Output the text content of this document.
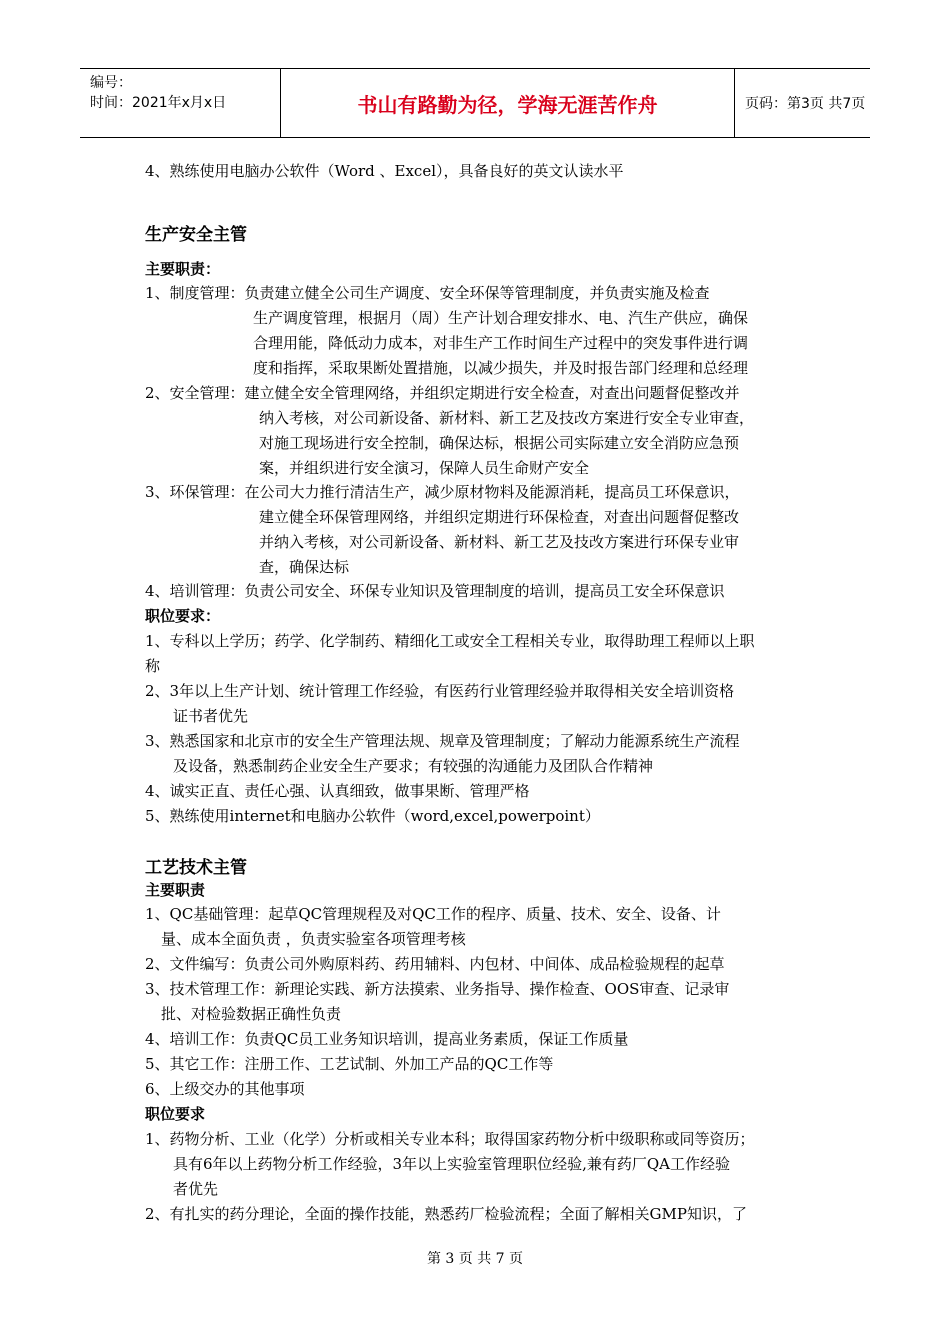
编号：
时间：2021年x月x日	书山有路勤为径，学海无涯苦作舟	页码：第3页 共7页
4、熟练使用电脑办公软件（Word 、Excel），具备良好的英文认读水平
生产安全主管
主要职责：
1、制度管理：负责建立健全公司生产调度、安全环保等管理制度，并负责实施及检查
生产调度管理，根据月（周）生产计划合理安排水、电、汽生产供应，确保
合理用能，降低动力成本，对非生产工作时间生产过程中的突发事件进行调
度和指挥，采取果断处置措施，以减少损失，并及时报告部门经理和总经理
2、安全管理：建立健全安全管理网络，并组织定期进行安全检查，对查出问题督促整改并
纳入考核，对公司新设备、新材料、新工艺及技改方案进行安全专业审查，
对施工现场进行安全控制，确保达标，根据公司实际建立安全消防应急预
案，并组织进行安全演习，保障人员生命财产安全
3、环保管理：在公司大力推行清洁生产，减少原材物料及能源消耗，提高员工环保意识，
建立健全环保管理网络，并组织定期进行环保检查，对查出问题督促整改
并纳入考核，对公司新设备、新材料、新工艺及技改方案进行环保专业审
查，确保达标
4、培训管理：负责公司安全、环保专业知识及管理制度的培训，提高员工安全环保意识
职位要求：
1、专科以上学历；药学、化学制药、精细化工或安全工程相关专业，取得助理工程师以上职
称
2、3年以上生产计划、统计管理工作经验，有医药行业管理经验并取得相关安全培训资格
证书者优先
3、熟悉国家和北京市的安全生产管理法规、规章及管理制度；了解动力能源系统生产流程
及设备，熟悉制药企业安全生产要求；有较强的沟通能力及团队合作精神
4、诚实正直、责任心强、认真细致，做事果断、管理严格
5、熟练使用internet和电脑办公软件（word,excel,powerpoint）
工艺技术主管
主要职责
1、QC基础管理：起草QC管理规程及对QC工作的程序、质量、技术、安全、设备、计
量、成本全面负责 ，负责实验室各项管理考核
2、文件编写：负责公司外购原料药、药用辅料、内包材、中间体、成品检验规程的起草
3、技术管理工作：新理论实践、新方法摸索、业务指导、操作检查、OOS审查、记录审
批、对检验数据正确性负责
4、培训工作：负责QC员工业务知识培训，提高业务素质，保证工作质量
5、其它工作：注册工作、工艺试制、外加工产品的QC工作等
6、上级交办的其他事项
职位要求
1、药物分析、工业（化学）分析或相关专业本科；取得国家药物分析中级职称或同等资历；
具有6年以上药物分析工作经验，3年以上实验室管理职位经验,兼有药厂QA工作经验
者优先
2、有扎实的药分理论，全面的操作技能，熟悉药厂检验流程；全面了解相关GMP知识，了
第 3 页 共 7 页
